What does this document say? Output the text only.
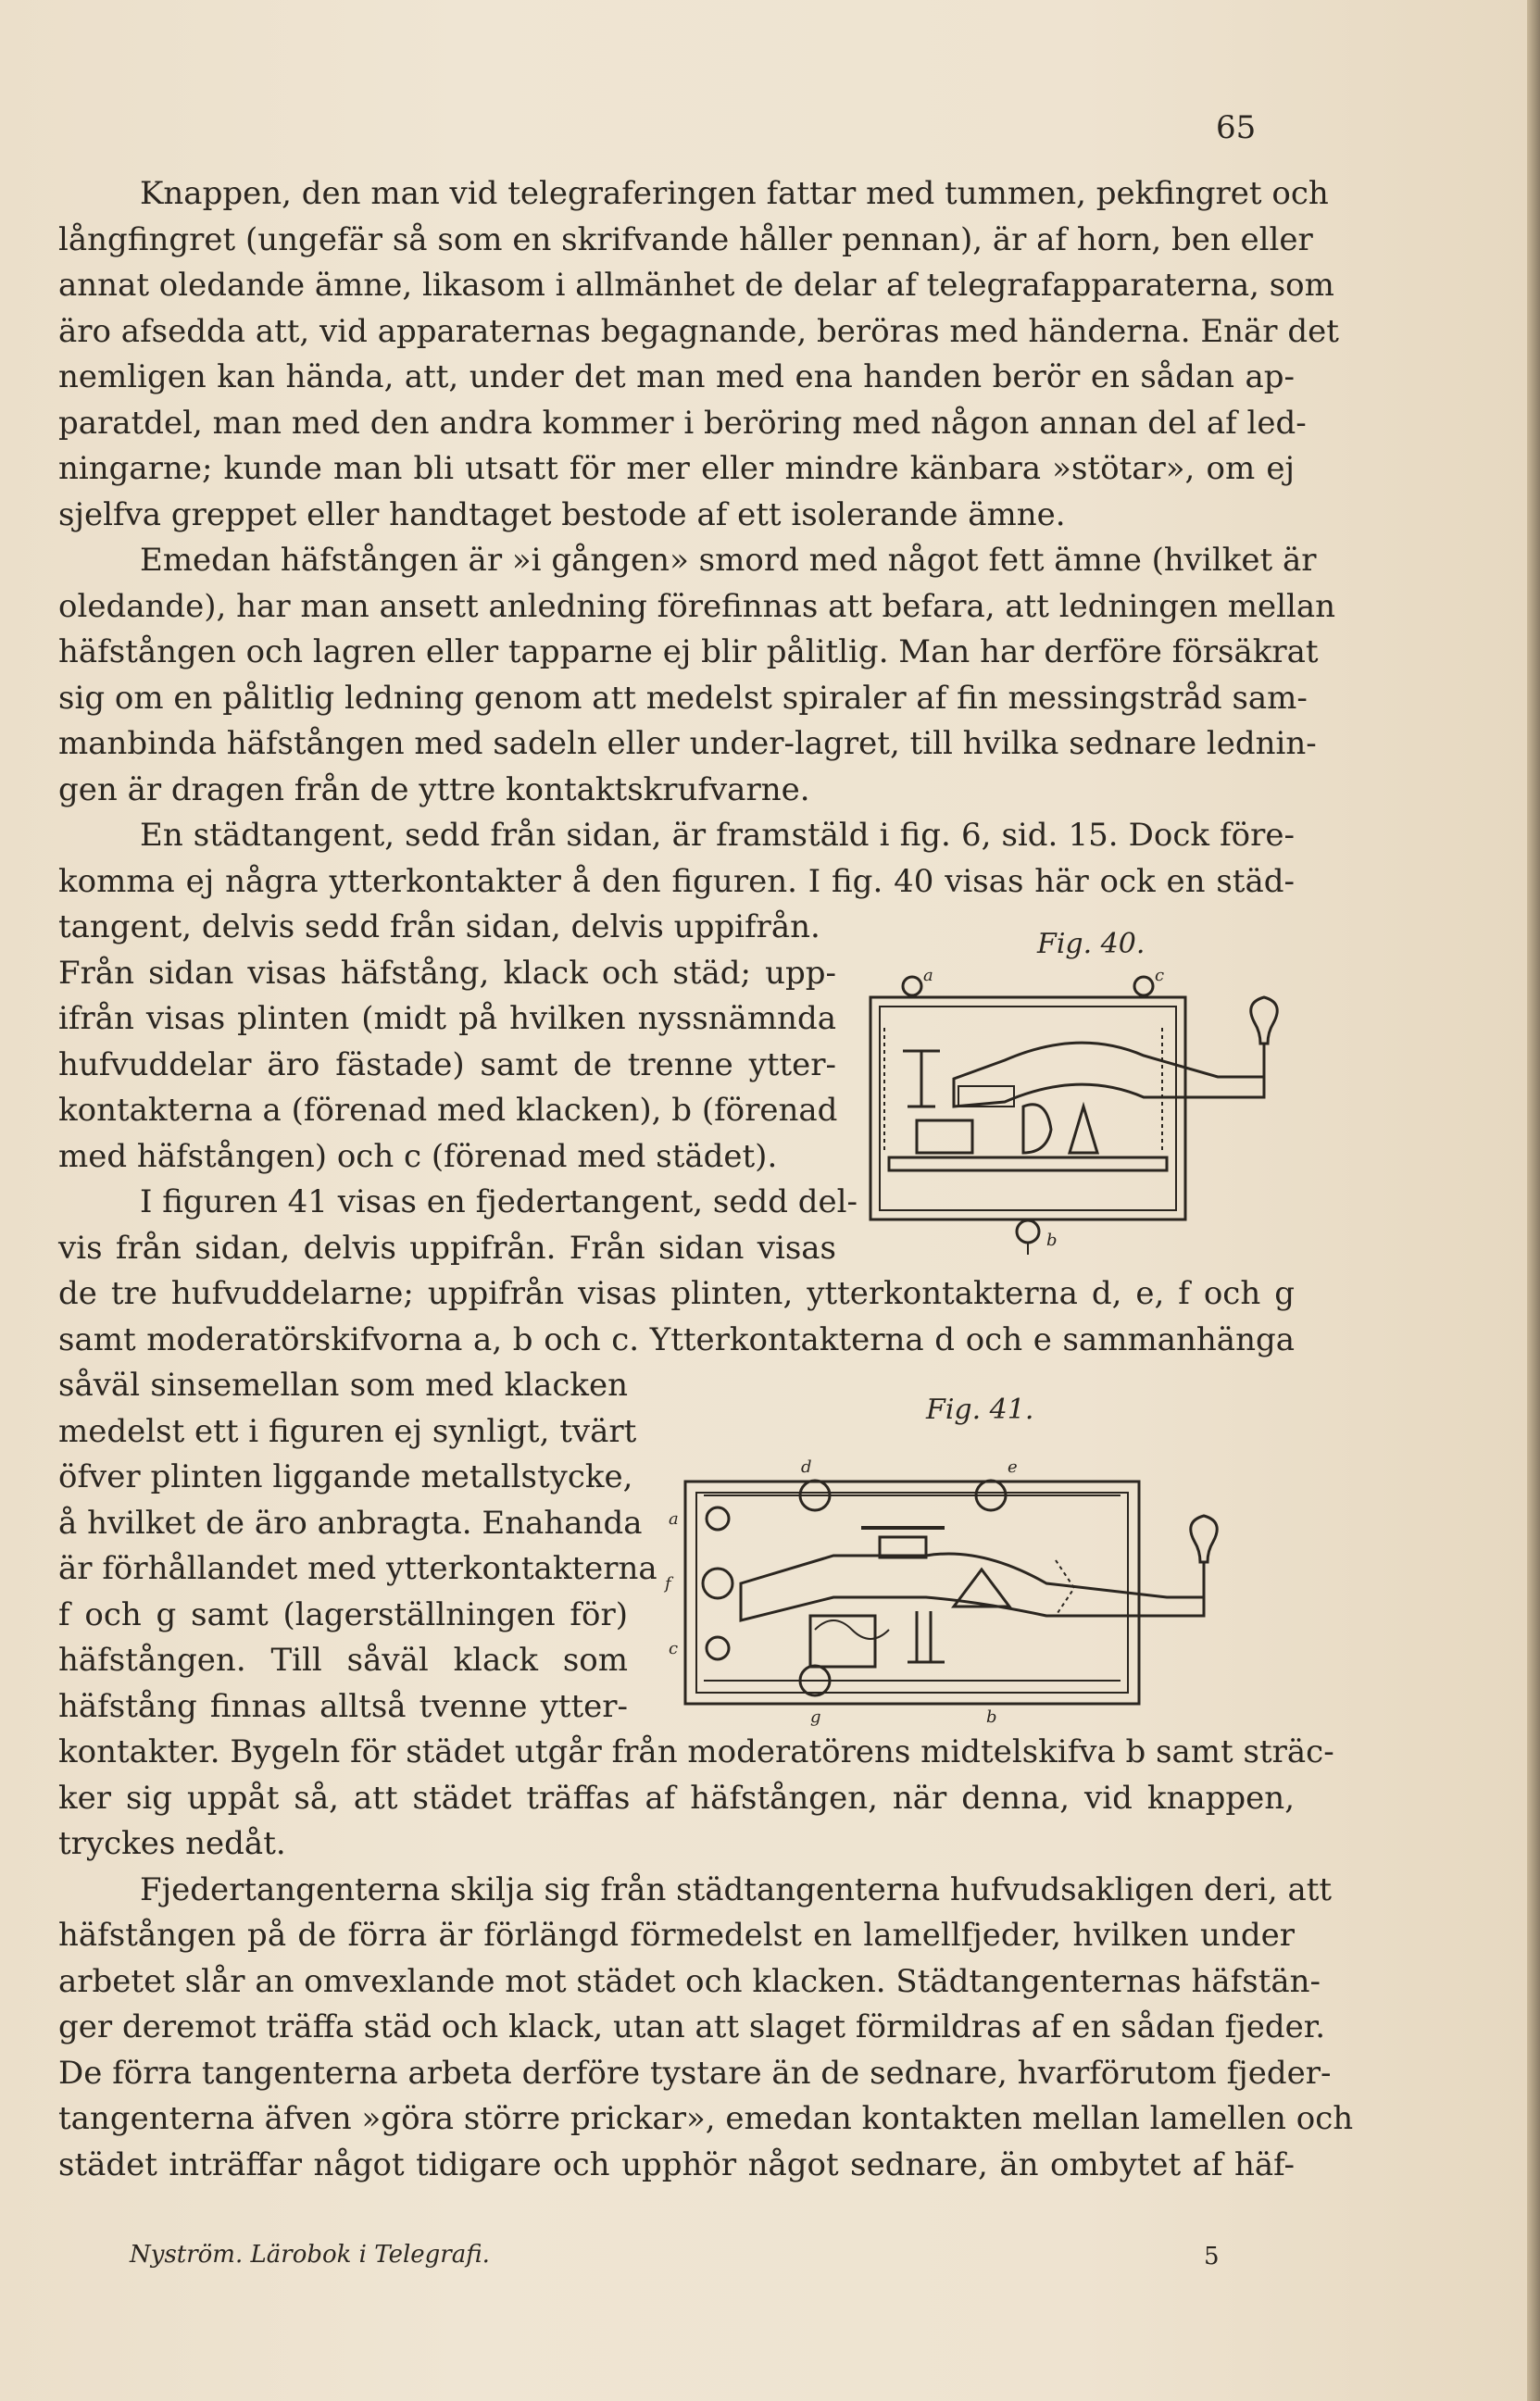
65
Knappen, den man vid telegraferingen fattar med tummen, pekfingret och
långfingret (ungefär så som en skrifvande håller pennan), är af horn, ben eller
annat oledande ämne, likasom i allmänhet de delar af telegrafapparaterna, som
äro afsedda att, vid apparaternas begagnande, beröras med händerna. Enär det
nemligen kan hända, att, under det man med ena handen berör en sådan ap-
paratdel, man med den andra kommer i beröring med någon annan del af led-
ningarne; kunde man bli utsatt för mer eller mindre känbara »stötar», om ej
sjelfva greppet eller handtaget bestode af ett isolerande ämne.
Emedan häfstången är »i gången» smord med något fett ämne (hvilket är
oledande), har man ansett anledning förefinnas att befara, att ledningen mellan
häfstången och lagren eller tapparne ej blir pålitlig. Man har derföre försäkrat
sig om en pålitlig ledning genom att medelst spiraler af fin messingstråd sam-
manbinda häfstången med sadeln eller under-lagret, till hvilka sednare lednin-
gen är dragen från de yttre kontaktskrufvarne.
En städtangent, sedd från sidan, är framstäld i fig. 6, sid. 15. Dock före-
komma ej några ytterkontakter å den figuren. I fig. 40 visas här ock en städ-
tangent, delvis sedd från sidan, delvis uppifrån.
Från sidan visas häfstång, klack och städ; upp-
ifrån visas plinten (midt på hvilken nyssnämnda
hufvuddelar äro fästade) samt de trenne ytter-
kontakterna a (förenad med klacken), b (förenad
med häfstången) och c (förenad med städet).
I figuren 41 visas en fjedertangent, sedd del-
vis från sidan, delvis uppifrån. Från sidan visas
de tre hufvuddelarne; uppifrån visas plinten, ytterkontakterna d, e, f och g
samt moderatörskifvorna a, b och c. Ytterkontakterna d och e sammanhänga
såväl sinsemellan som med klacken
medelst ett i figuren ej synligt, tvärt
öfver plinten liggande metallstycke,
å hvilket de äro anbragta. Enahanda
är förhållandet med ytterkontakterna
f och g samt (lagerställningen för)
häfstången. Till såväl klack som
häfstång finnas alltså tvenne ytter-
kontakter. Bygeln för städet utgår från moderatörens midtelskifva b samt sträc-
ker sig uppåt så, att städet träffas af häfstången, när denna, vid knappen,
tryckes nedåt.
Fjedertangenterna skilja sig från städtangenterna hufvudsakligen deri, att
häfstången på de förra är förlängd förmedelst en lamellfjeder, hvilken under
arbetet slår an omvexlande mot städet och klacken. Städtangenternas häfstän-
ger deremot träffa städ och klack, utan att slaget förmildras af en sådan fjeder.
De förra tangenterna arbeta derföre tystare än de sednare, hvarförutom fjeder-
tangenterna äfven »göra större prickar», emedan kontakten mellan lamellen och
städet inträffar något tidigare och upphör något sednare, än ombytet af häf-
Fig. 40.
a	c
b
Fig. 41.
d	e
f
g
a
b
c
Nyström. Lärobok i Telegrafi.	5
